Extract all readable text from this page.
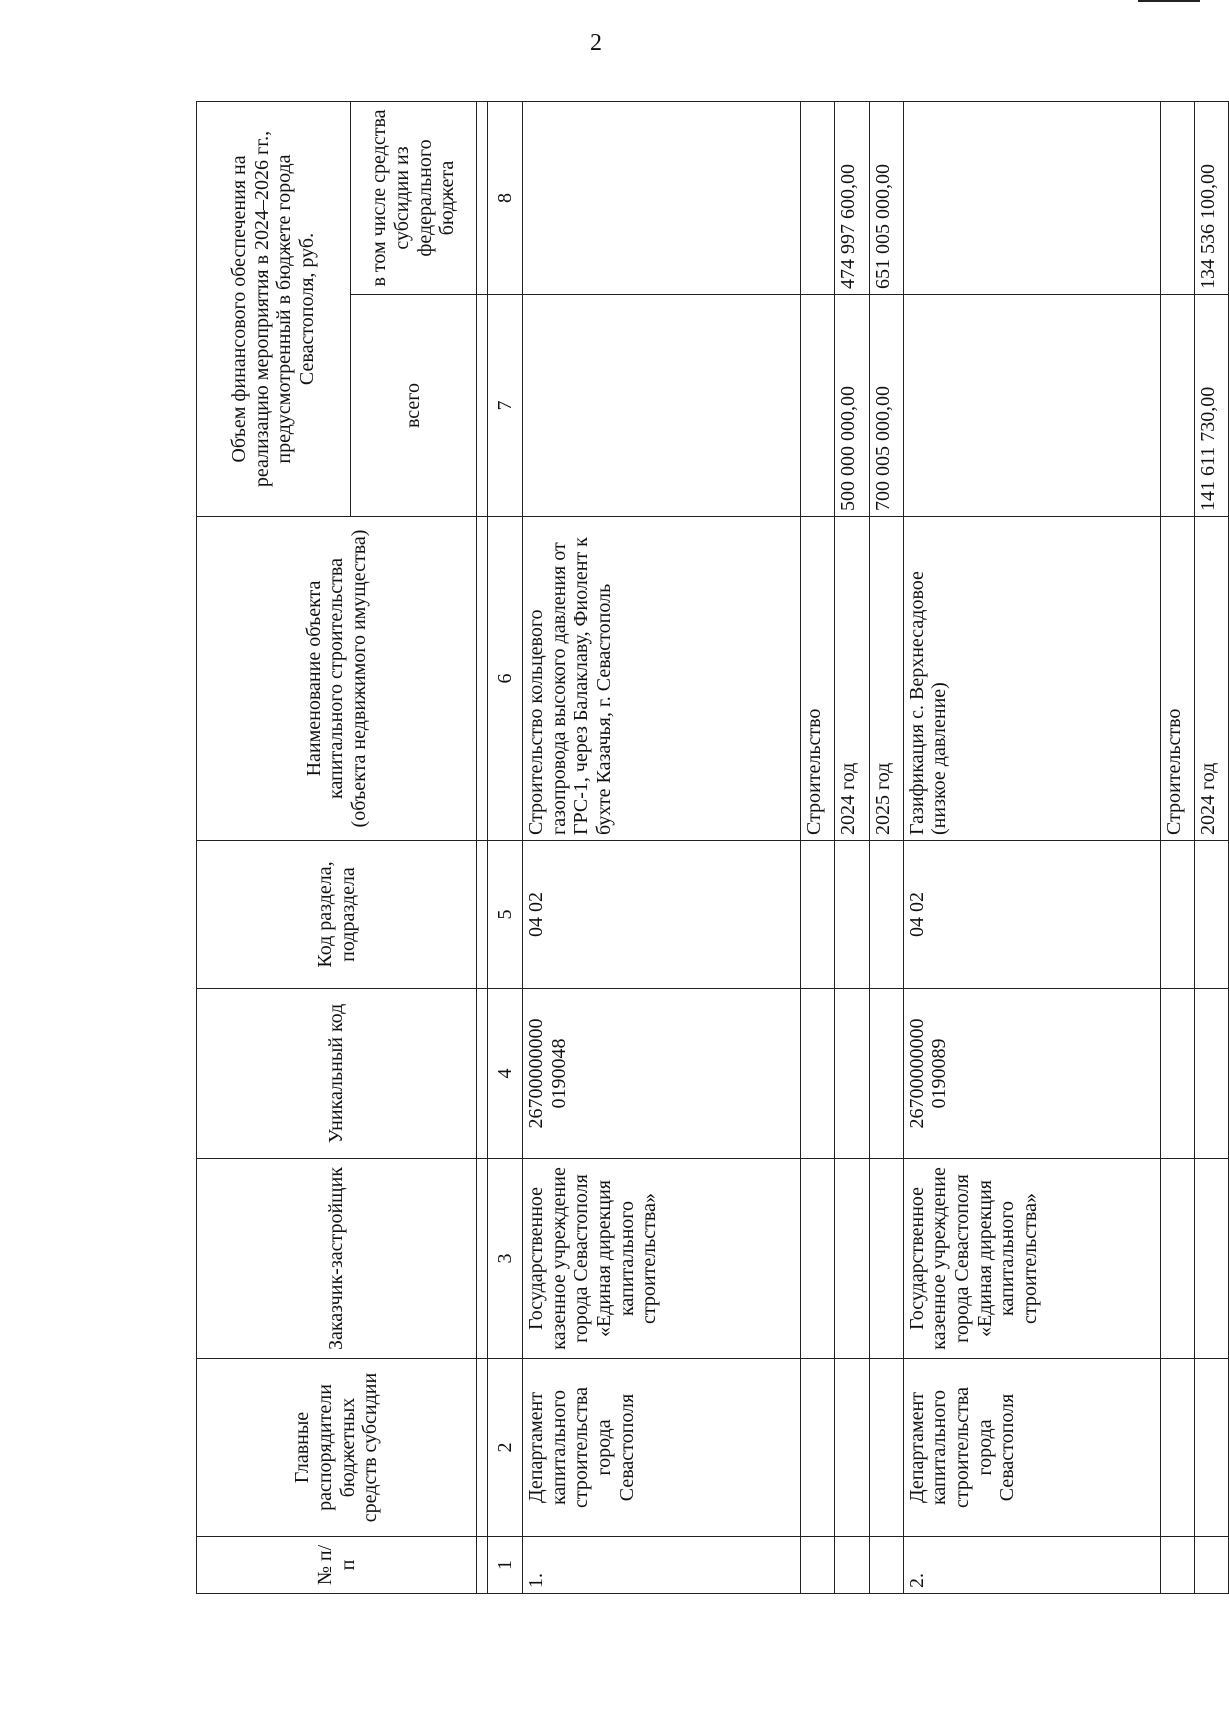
2
№ п/п	Главные распорядители бюджетных средств субсидии	Заказчик-застройщик	Уникальный код	Код раздела, подраздела	Наименование объекта капитального строительства (объекта недвижимого имущества)	Объем финансового обеспечения на реализацию мероприятия в 2024–2026 гг., предусмотренный в бюджете города Севастополя, руб.	
						всего	в том числе средства субсидии из федерального бюджета

1	2	3	4	5	6	7	8
1.	Департамент капитального строительства города Севастополя	Государственное казенное учреждение города Севастополя «Единая дирекция капитального строительства»	26700000000 0190048	04 02	Строительство кольцевого газопровода высокого давления от ГРС-1, через Балаклаву, Фиолент к бухте Казачья, г. Севастополь		
					Строительство		
					2024 год	500 000 000,00	474 997 600,00
					2025 год	700 005 000,00	651 005 000,00
2.	Департамент капитального строительства города Севастополя	Государственное казенное учреждение города Севастополя «Единая дирекция капитального строительства»	26700000000 0190089	04 02	Газификация с. Верхнесадовое (низкое давление)		
					Строительство		
					2024 год	141 611 730,00	134 536 100,00
